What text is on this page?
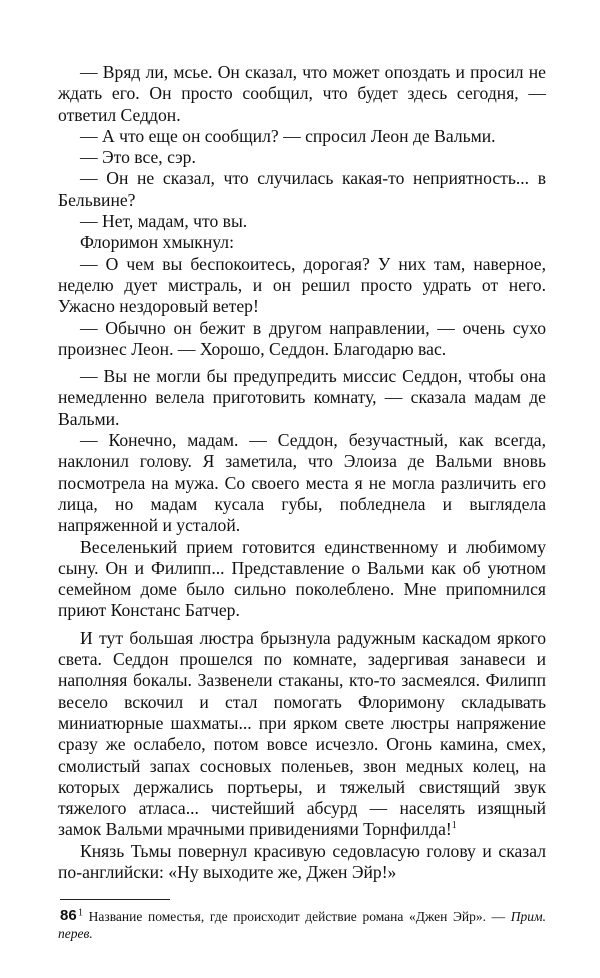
— Вряд ли, мсье. Он сказал, что может опоздать и просил не ждать его. Он просто сообщил, что будет здесь сегодня, — ответил Седдон.

— А что еще он сообщил? — спросил Леон де Вальми.

— Это все, сэр.

— Он не сказал, что случилась какая-то неприятность... в Бельвине?

— Нет, мадам, что вы.

Флоримон хмыкнул:

— О чем вы беспокоитесь, дорогая? У них там, наверное, неделю дует мистраль, и он решил просто удрать от него. Ужасно нездоровый ветер!

— Обычно он бежит в другом направлении, — очень сухо произнес Леон. — Хорошо, Седдон. Благодарю вас.

— Вы не могли бы предупредить миссис Седдон, чтобы она немедленно велела приготовить комнату, — сказала мадам де Вальми.

— Конечно, мадам. — Седдон, безучастный, как всегда, наклонил голову. Я заметила, что Элоиза де Вальми вновь посмотрела на мужа. Со своего места я не могла различить его лица, но мадам кусала губы, побледнела и выглядела напряженной и усталой.

Веселенький прием готовится единственному и любимому сыну. Он и Филипп... Представление о Вальми как об уютном семейном доме было сильно поколеблено. Мне припомнился приют Констанс Батчер.

И тут большая люстра брызнула радужным каскадом яркого света. Седдон прошелся по комнате, задергивая занавеси и наполняя бокалы. Зазвенели стаканы, кто-то засмеялся. Филипп весело вскочил и стал помогать Флоримону складывать миниатюрные шахматы... при ярком свете люстры напряжение сразу же ослабело, потом вовсе исчезло. Огонь камина, смех, смолистый запах сосновых поленьев, звон медных колец, на которых держались портьеры, и тяжелый свистящий звук тяжелого атласа... чистейший абсурд — населять изящный замок Вальми мрачными привидениями Торнфилда!$^1$

Князь Тьмы повернул красивую седовласую голову и сказал по-английски: «Ну выходите же, Джен Эйр!»

$^1$ Название поместья, где происходит действие романа «Джен Эйр». — Прим. перев.

86
